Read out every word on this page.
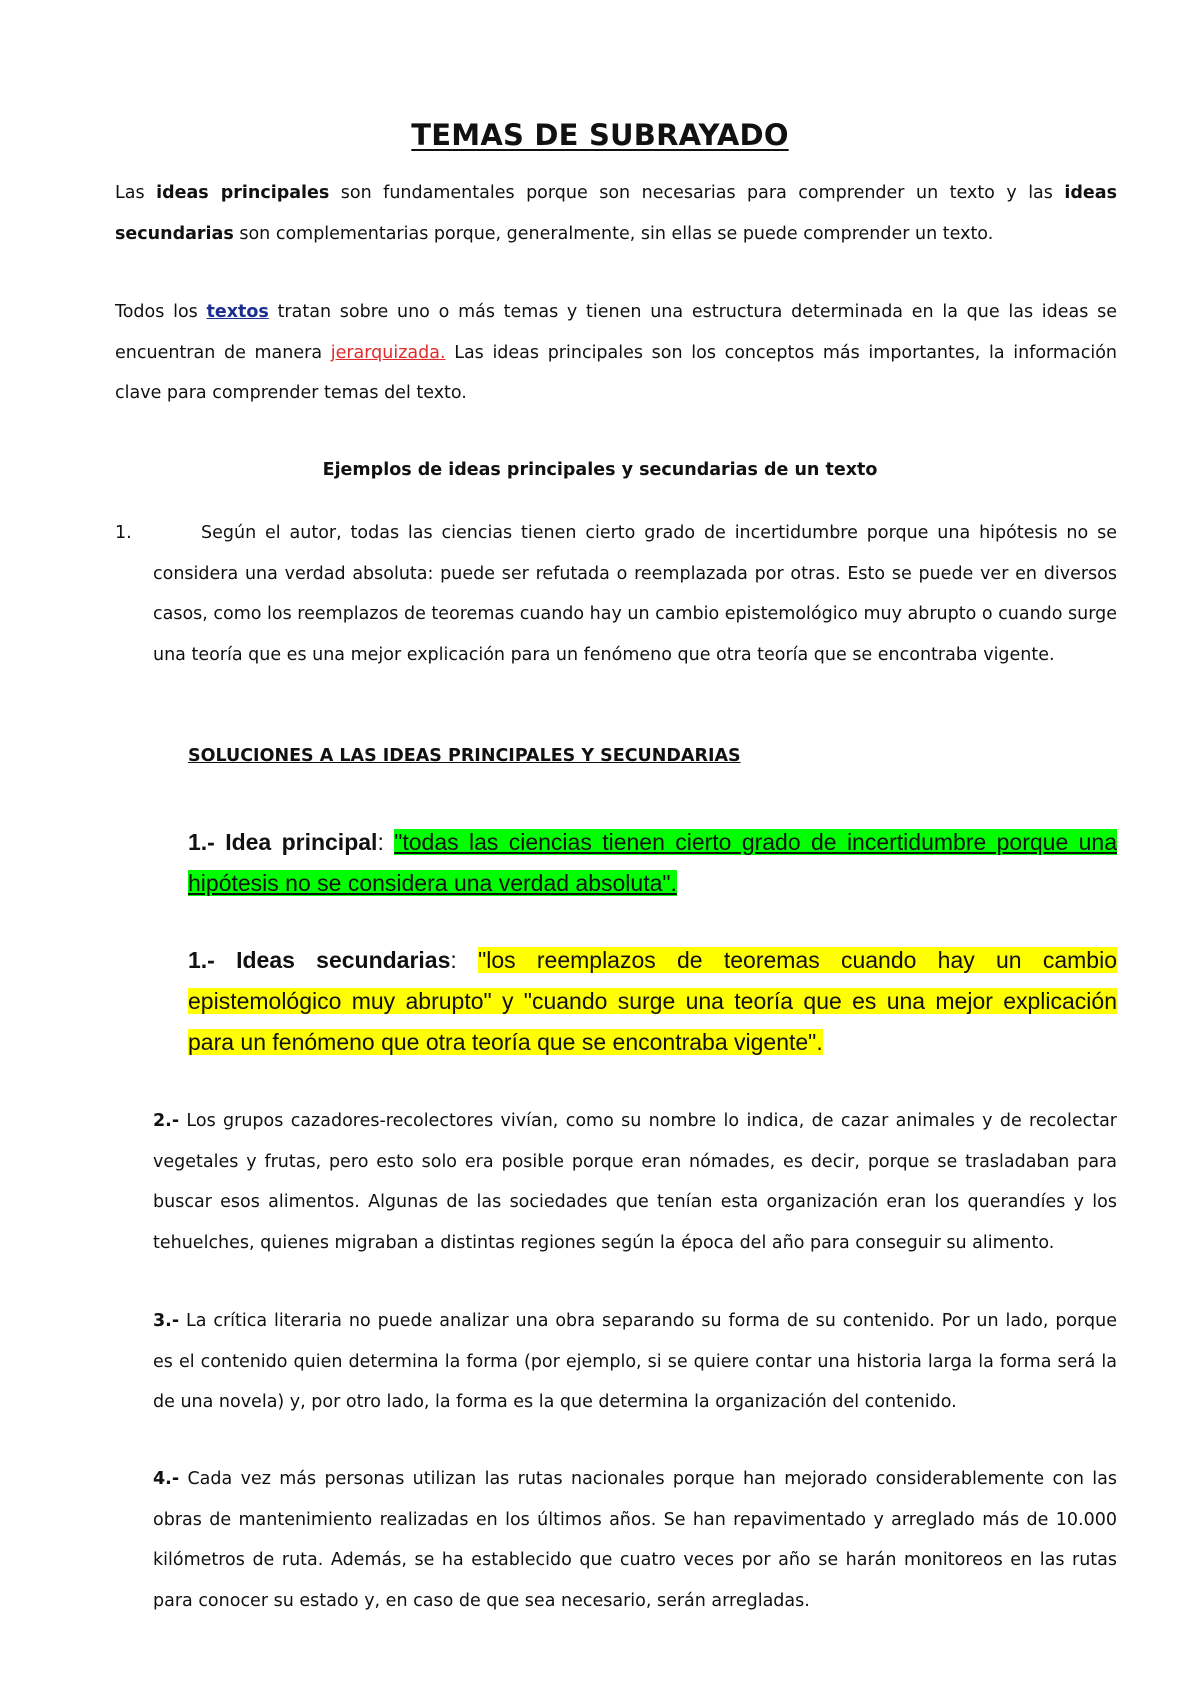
TEMAS DE SUBRAYADO

Las ideas principales son fundamentales porque son necesarias para comprender un texto y las ideas secundarias son complementarias porque, generalmente, sin ellas se puede comprender un texto.

Todos los textos tratan sobre uno o más temas y tienen una estructura determinada en la que las ideas se encuentran de manera jerarquizada. Las ideas principales son los conceptos más importantes, la información clave para comprender temas del texto.

Ejemplos de ideas principales y secundarias de un texto

1.	Según el autor, todas las ciencias tienen cierto grado de incertidumbre porque una hipótesis no se considera una verdad absoluta: puede ser refutada o reemplazada por otras. Esto se puede ver en diversos casos, como los reemplazos de teoremas cuando hay un cambio epistemológico muy abrupto o cuando surge una teoría que es una mejor explicación para un fenómeno que otra teoría que se encontraba vigente.

SOLUCIONES A LAS IDEAS PRINCIPALES Y SECUNDARIAS

1.- Idea principal: "todas las ciencias tienen cierto grado de incertidumbre porque una hipótesis no se considera una verdad absoluta".

1.- Ideas secundarias: "los reemplazos de teoremas cuando hay un cambio epistemológico muy abrupto" y "cuando surge una teoría que es una mejor explicación para un fenómeno que otra teoría que se encontraba vigente".

2.- Los grupos cazadores-recolectores vivían, como su nombre lo indica, de cazar animales y de recolectar vegetales y frutas, pero esto solo era posible porque eran nómades, es decir, porque se trasladaban para buscar esos alimentos. Algunas de las sociedades que tenían esta organización eran los querandíes y los tehuelches, quienes migraban a distintas regiones según la época del año para conseguir su alimento.

3.- La crítica literaria no puede analizar una obra separando su forma de su contenido. Por un lado, porque es el contenido quien determina la forma (por ejemplo, si se quiere contar una historia larga la forma será la de una novela) y, por otro lado, la forma es la que determina la organización del contenido.

4.- Cada vez más personas utilizan las rutas nacionales porque han mejorado considerablemente con las obras de mantenimiento realizadas en los últimos años. Se han repavimentado y arreglado más de 10.000 kilómetros de ruta. Además, se ha establecido que cuatro veces por año se harán monitoreos en las rutas para conocer su estado y, en caso de que sea necesario, serán arregladas.
